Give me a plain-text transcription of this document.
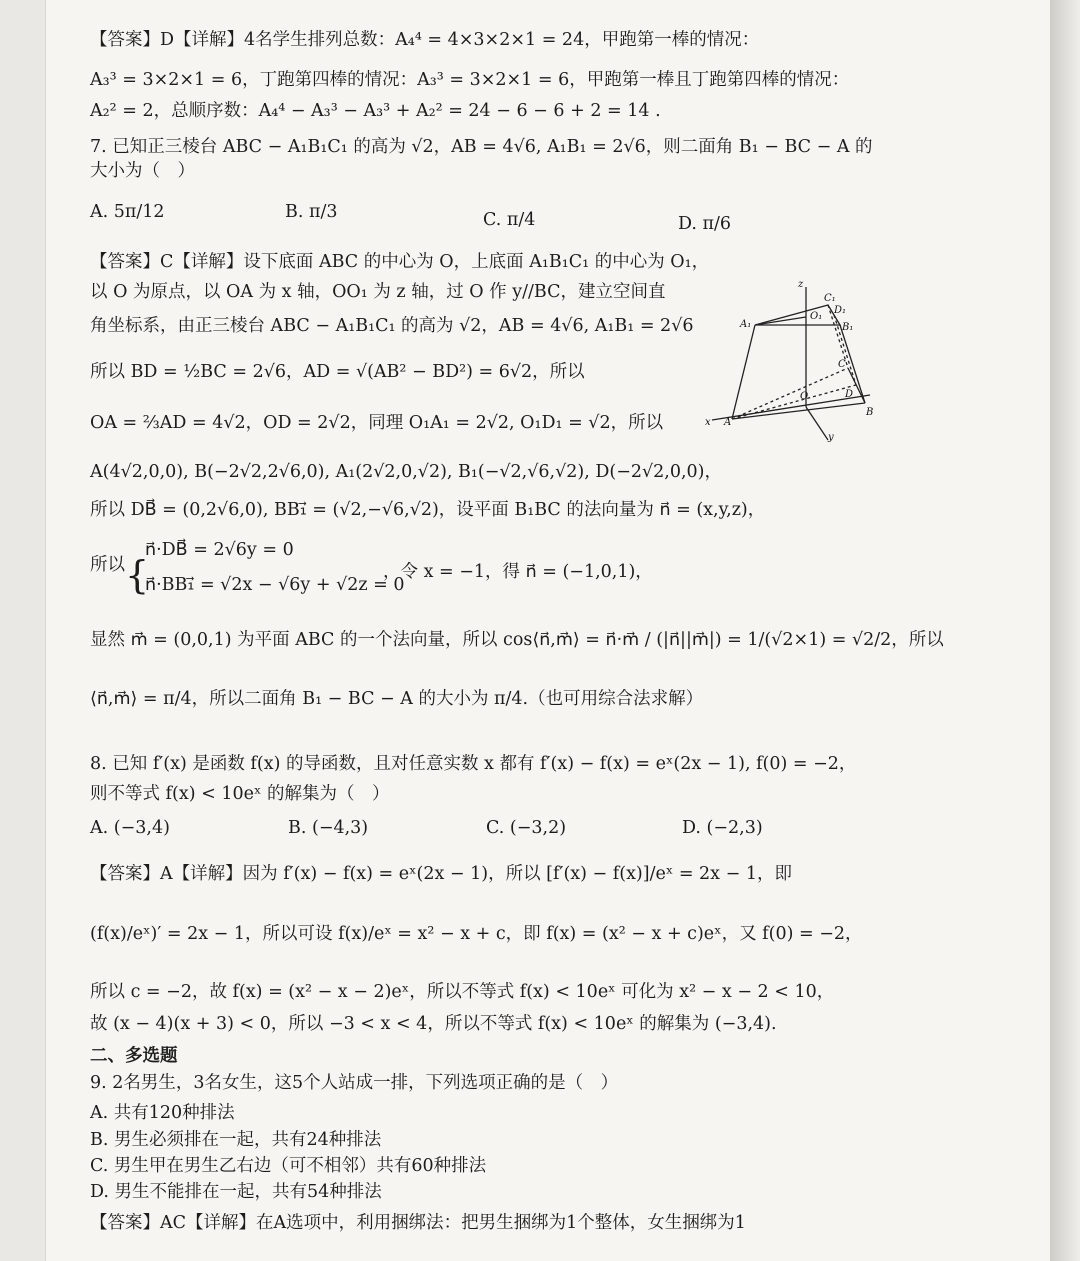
【答案】D【详解】4名学生排列总数：A₄⁴ = 4×3×2×1 = 24，甲跑第一棒的情况：
A₃³ = 3×2×1 = 6，丁跑第四棒的情况：A₃³ = 3×2×1 = 6，甲跑第一棒且丁跑第四棒的情况：
A₂² = 2，总顺序数：A₄⁴ − A₃³ − A₃³ + A₂² = 24 − 6 − 6 + 2 = 14 .
7. 已知正三棱台 ABC − A₁B₁C₁ 的高为 √2，AB = 4√6, A₁B₁ = 2√6，则二面角 B₁ − BC − A 的
大小为（　）
A. 5π/12	B. π/3	C. π/4	D. π/6
【答案】C【详解】设下底面 ABC 的中心为 O，上底面 A₁B₁C₁ 的中心为 O₁，
以 O 为原点，以 OA 为 x 轴，OO₁ 为 z 轴，过 O 作 y//BC，建立空间直
角坐标系，由正三棱台 ABC − A₁B₁C₁ 的高为 √2，AB = 4√6, A₁B₁ = 2√6
所以 BD = ½BC = 2√6，AD = √(AB² − BD²) = 6√2，所以
OA = ⅔AD = 4√2，OD = 2√2，同理 O₁A₁ = 2√2, O₁D₁ = √2，所以
A(4√2,0,0), B(−2√2,2√6,0), A₁(2√2,0,√2), B₁(−√2,√6,√2), D(−2√2,0,0)，
所以 DB⃗ = (0,2√6,0), BB₁⃗ = (√2,−√6,√2)，设平面 B₁BC 的法向量为 n⃗ = (x,y,z)，
所以 {
n⃗·DB⃗ = 2√6y = 0
n⃗·BB₁⃗ = √2x − √6y + √2z = 0
，令 x = −1，得 n⃗ = (−1,0,1)，
显然 m⃗ = (0,0,1) 为平面 ABC 的一个法向量，所以 cos⟨n⃗,m⃗⟩ = n⃗·m⃗ / (|n⃗||m⃗|) = 1/(√2×1) = √2/2，所以
⟨n⃗,m⃗⟩ = π/4，所以二面角 B₁ − BC − A 的大小为 π/4.（也可用综合法求解）
8. 已知 f′(x) 是函数 f(x) 的导函数，且对任意实数 x 都有 f′(x) − f(x) = eˣ(2x − 1), f(0) = −2，
则不等式 f(x) < 10eˣ 的解集为（　）
A. (−3,4)	B. (−4,3)	C. (−3,2)	D. (−2,3)
【答案】A【详解】因为 f′(x) − f(x) = eˣ(2x − 1)，所以 [f′(x) − f(x)]/eˣ = 2x − 1，即
(f(x)/eˣ)′ = 2x − 1，所以可设 f(x)/eˣ = x² − x + c，即 f(x) = (x² − x + c)eˣ，又 f(0) = −2，
所以 c = −2，故 f(x) = (x² − x − 2)eˣ，所以不等式 f(x) < 10eˣ 可化为 x² − x − 2 < 10，
故 (x − 4)(x + 3) < 0，所以 −3 < x < 4，所以不等式 f(x) < 10eˣ 的解集为 (−3,4).
二、多选题
9. 2名男生，3名女生，这5个人站成一排，下列选项正确的是（　）
A. 共有120种排法
B. 男生必须排在一起，共有24种排法
C. 男生甲在男生乙右边（可不相邻）共有60种排法
D. 男生不能排在一起，共有54种排法
【答案】AC【详解】在A选项中，利用捆绑法：把男生捆绑为1个整体，女生捆绑为1
z
C₁
D₁
O₁
A₁	B₁
C
O	D
B
A
x
y
